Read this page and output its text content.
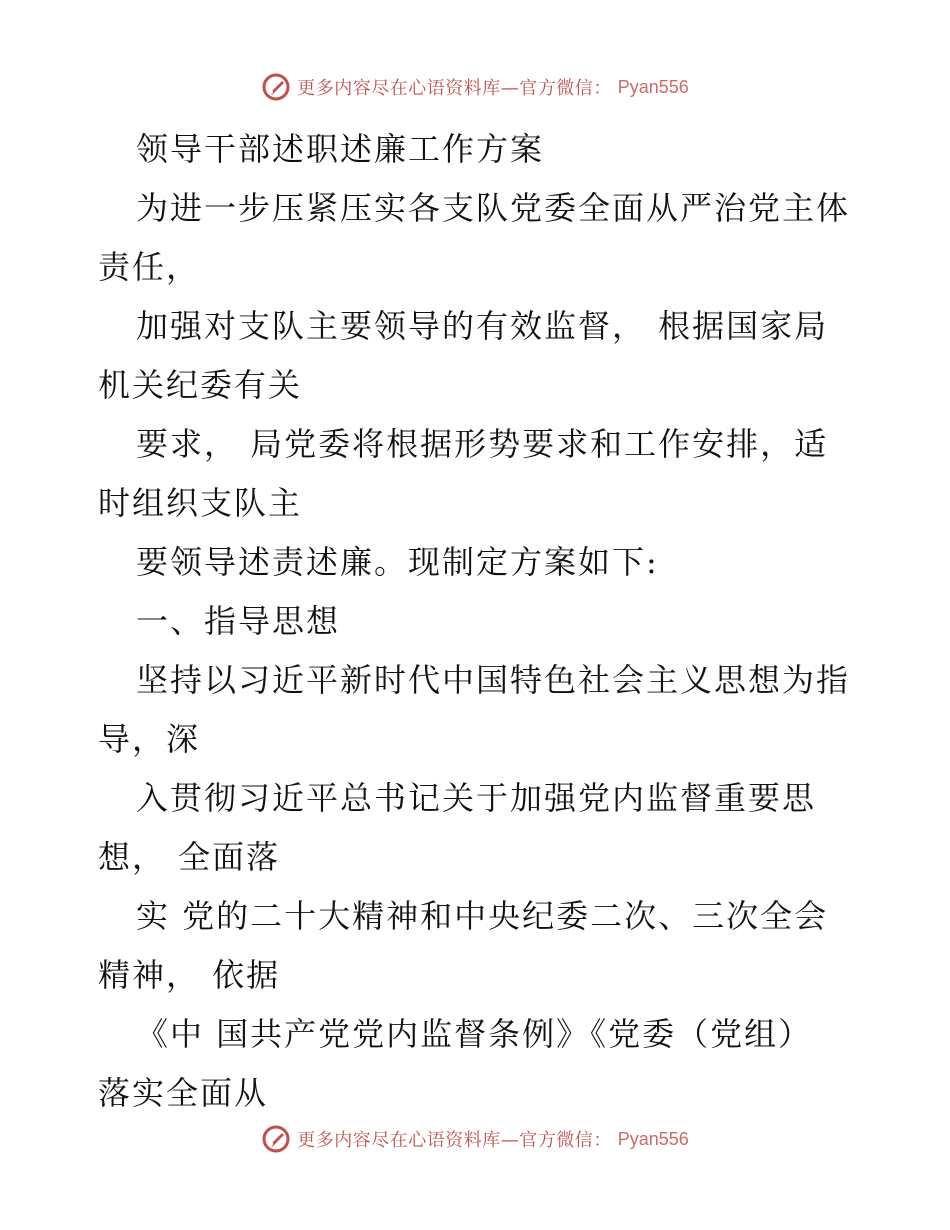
更多内容尽在心语资料库—官方微信： Pyan556

领导干部述职述廉工作方案

为进一步压紧压实各支队党委全面从严治党主体

责任，

加强对支队主要领导的有效监督， 根据国家局

机关纪委有关

要求， 局党委将根据形势要求和工作安排，适

时组织支队主

要领导述责述廉。现制定方案如下:

一、指导思想

坚持以习近平新时代中国特色社会主义思想为指

导，深

入贯彻习近平总书记关于加强党内监督重要思

想， 全面落

实 党的二十大精神和中央纪委二次、三次全会

精神， 依据

《中 国共产党党内监督条例》《党委（党组）

落实全面从

更多内容尽在心语资料库—官方微信： Pyan556
